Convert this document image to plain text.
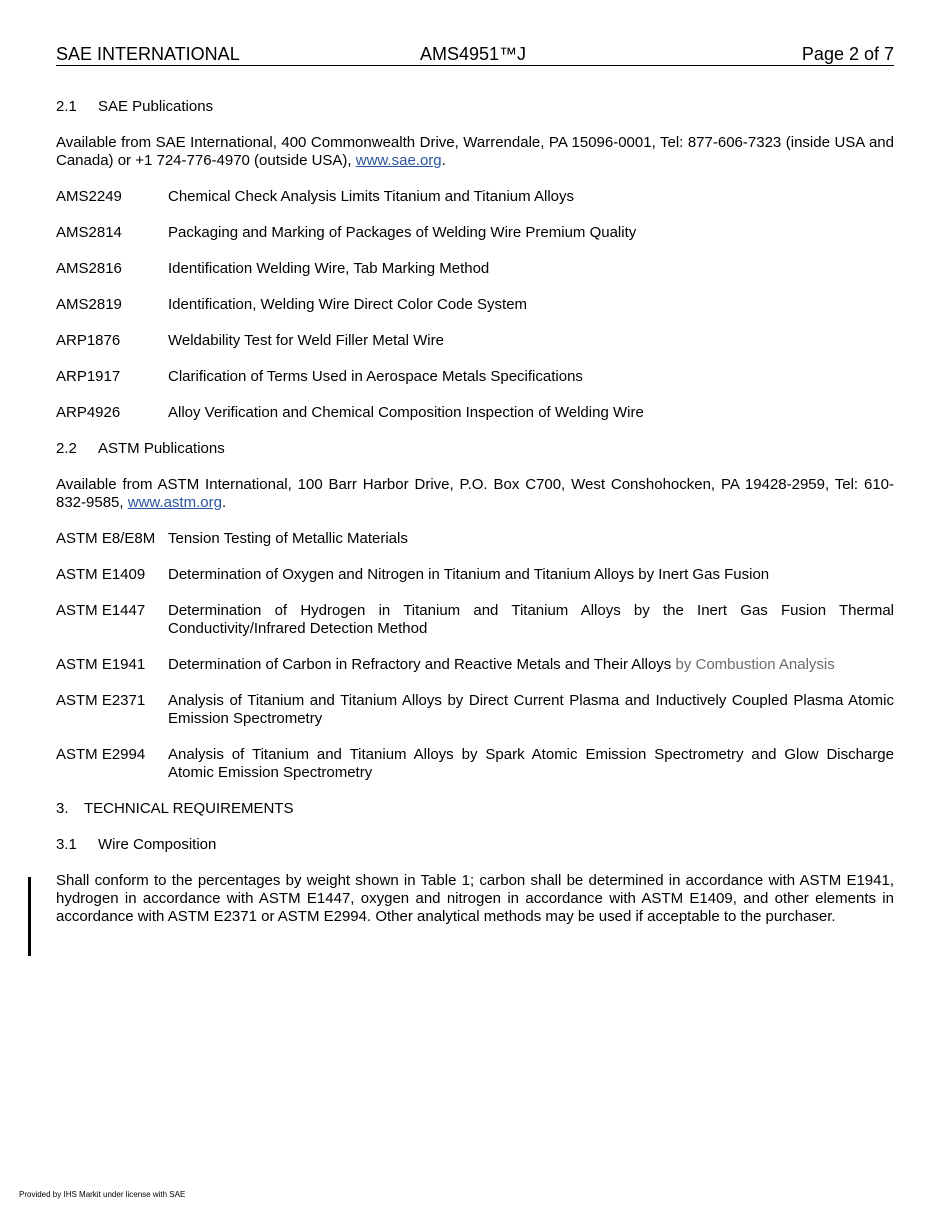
SAE INTERNATIONAL	AMS4951™J	Page 2 of 7
2.1 SAE Publications
Available from SAE International, 400 Commonwealth Drive, Warrendale, PA 15096-0001, Tel: 877-606-7323 (inside USA and Canada) or +1 724-776-4970 (outside USA), www.sae.org.
AMS2249	Chemical Check Analysis Limits Titanium and Titanium Alloys
AMS2814	Packaging and Marking of Packages of Welding Wire Premium Quality
AMS2816	Identification Welding Wire, Tab Marking Method
AMS2819	Identification, Welding Wire Direct Color Code System
ARP1876	Weldability Test for Weld Filler Metal Wire
ARP1917	Clarification of Terms Used in Aerospace Metals Specifications
ARP4926	Alloy Verification and Chemical Composition Inspection of Welding Wire
2.2 ASTM Publications
Available from ASTM International, 100 Barr Harbor Drive, P.O. Box C700, West Conshohocken, PA 19428-2959, Tel: 610-832-9585, www.astm.org.
ASTM E8/E8M Tension Testing of Metallic Materials
ASTM E1409	Determination of Oxygen and Nitrogen in Titanium and Titanium Alloys by Inert Gas Fusion
ASTM E1447	Determination of Hydrogen in Titanium and Titanium Alloys by the Inert Gas Fusion Thermal Conductivity/Infrared Detection Method
ASTM E1941	Determination of Carbon in Refractory and Reactive Metals and Their Alloys by Combustion Analysis
ASTM E2371	Analysis of Titanium and Titanium Alloys by Direct Current Plasma and Inductively Coupled Plasma Atomic Emission Spectrometry
ASTM E2994	Analysis of Titanium and Titanium Alloys by Spark Atomic Emission Spectrometry and Glow Discharge Atomic Emission Spectrometry
3. TECHNICAL REQUIREMENTS
3.1 Wire Composition
Shall conform to the percentages by weight shown in Table 1; carbon shall be determined in accordance with ASTM E1941, hydrogen in accordance with ASTM E1447, oxygen and nitrogen in accordance with ASTM E1409, and other elements in accordance with ASTM E2371 or ASTM E2994. Other analytical methods may be used if acceptable to the purchaser.
Provided by IHS Markit under license with SAE
